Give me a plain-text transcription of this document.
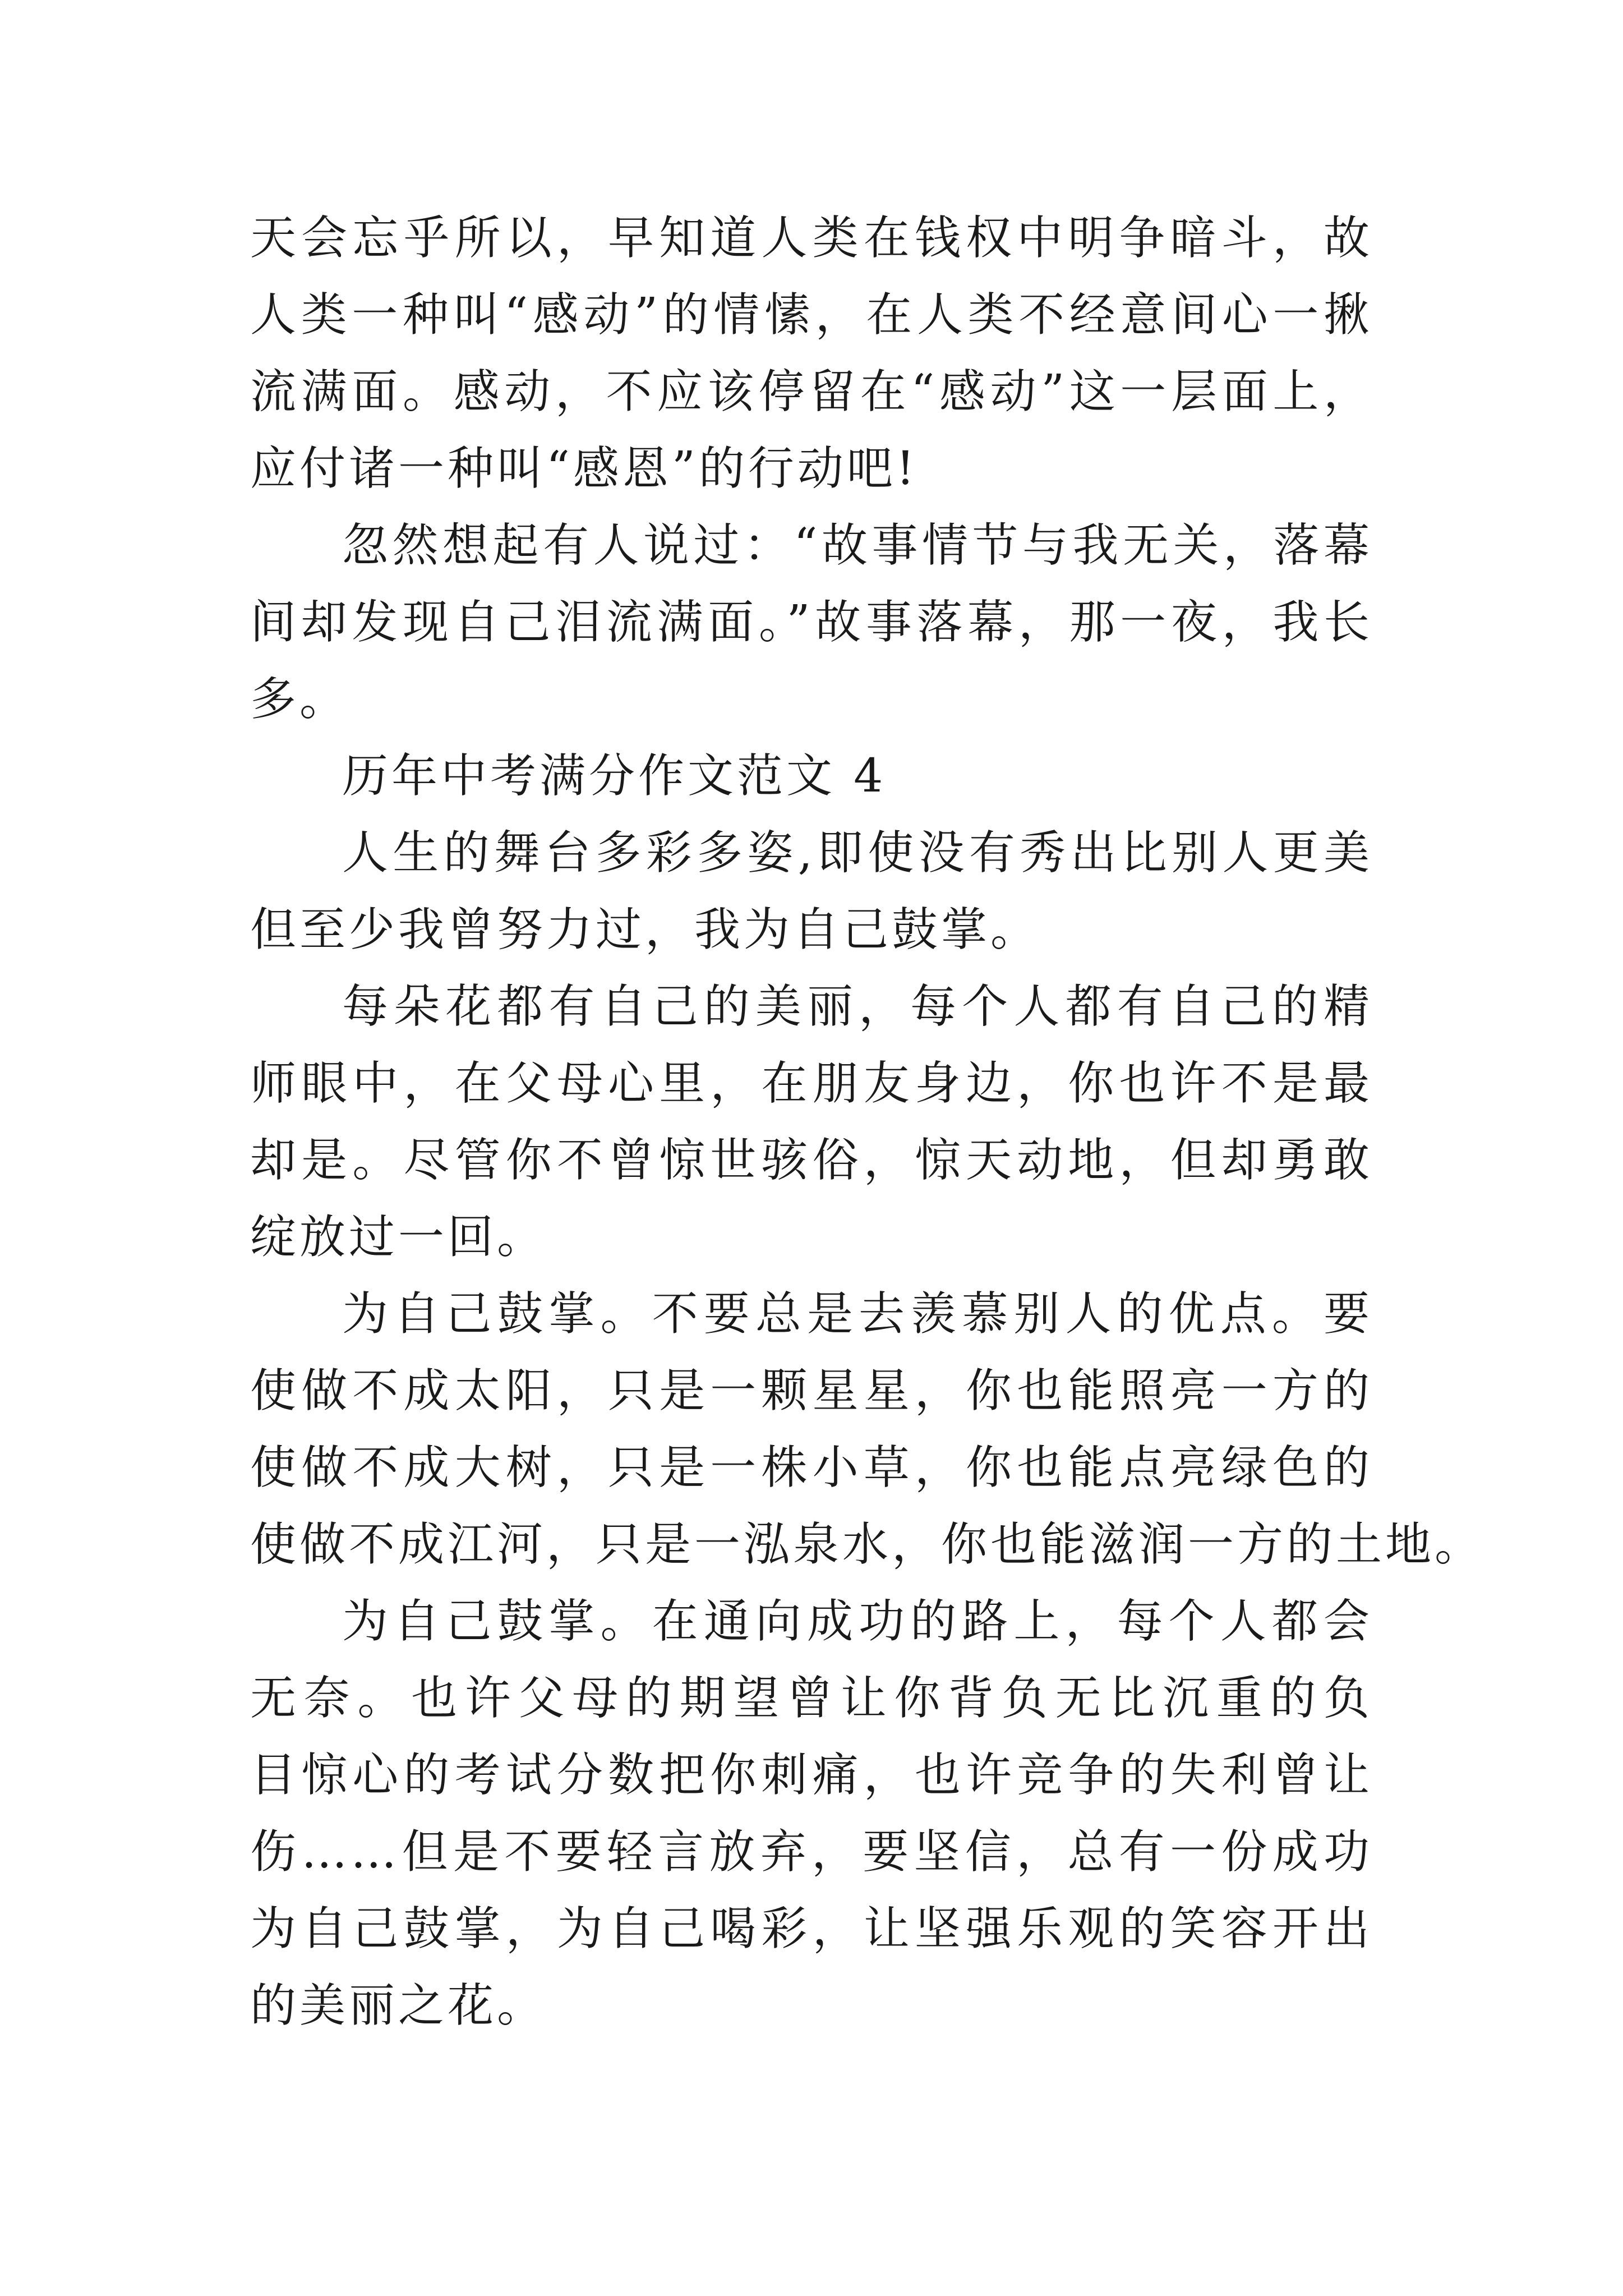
天会忘乎所以，早知道人类在钱权中明争暗斗，故
人类一种叫“感动”的情愫，在人类不经意间心一揪
流满面。感动，不应该停留在“感动”这一层面上，
应付诸一种叫“感恩”的行动吧!
忽然想起有人说过：“故事情节与我无关，落幕
间却发现自己泪流满面。”故事落幕，那一夜，我长
多。
历年中考满分作文范文 4
人生的舞台多彩多姿,即使没有秀出比别人更美
但至少我曾努力过，我为自己鼓掌。
每朵花都有自己的美丽，每个人都有自己的精
师眼中，在父母心里，在朋友身边，你也许不是最
却是。尽管你不曾惊世骇俗，惊天动地，但却勇敢
绽放过一回。
为自己鼓掌。不要总是去羡慕别人的优点。要
使做不成太阳，只是一颗星星，你也能照亮一方的
使做不成大树，只是一株小草，你也能点亮绿色的
使做不成江河，只是一泓泉水，你也能滋润一方的土地。
为自己鼓掌。在通向成功的路上，每个人都会
无奈。也许父母的期望曾让你背负无比沉重的负
目惊心的考试分数把你刺痛，也许竞争的失利曾让
伤……但是不要轻言放弃，要坚信，总有一份成功
为自己鼓掌，为自己喝彩，让坚强乐观的笑容开出
的美丽之花。
